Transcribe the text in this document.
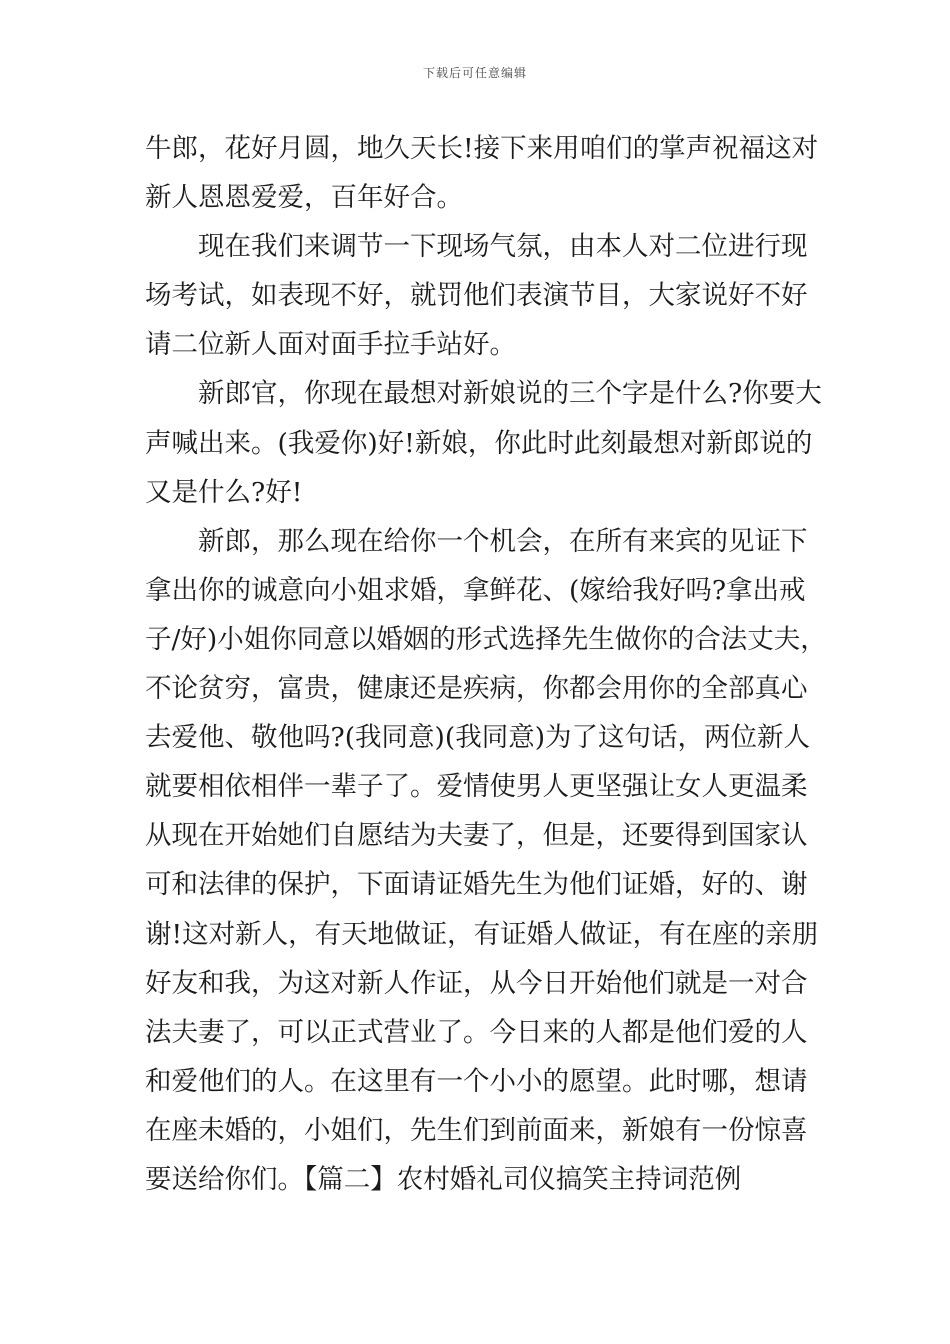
下载后可任意编辑

牛郎，花好月圆，地久天长!接下来用咱们的掌声祝福这对
新人恩恩爱爱，百年好合。

现在我们来调节一下现场气氛，由本人对二位进行现
场考试，如表现不好，就罚他们表演节目，大家说好不好
请二位新人面对面手拉手站好。

新郎官，你现在最想对新娘说的三个字是什么?你要大
声喊出来。(我爱你)好!新娘，你此时此刻最想对新郎说的
又是什么?好!

新郎，那么现在给你一个机会，在所有来宾的见证下
拿出你的诚意向小姐求婚，拿鲜花、(嫁给我好吗?拿出戒
子/好)小姐你同意以婚姻的形式选择先生做你的合法丈夫，
不论贫穷，富贵，健康还是疾病，你都会用你的全部真心
去爱他、敬他吗?(我同意)(我同意)为了这句话，两位新人
就要相依相伴一辈子了。爱情使男人更坚强让女人更温柔
从现在开始她们自愿结为夫妻了，但是，还要得到国家认
可和法律的保护，下面请证婚先生为他们证婚，好的、谢
谢!这对新人，有天地做证，有证婚人做证，有在座的亲朋
好友和我，为这对新人作证，从今日开始他们就是一对合
法夫妻了，可以正式营业了。今日来的人都是他们爱的人
和爱他们的人。在这里有一个小小的愿望。此时哪，想请
在座未婚的，小姐们，先生们到前面来，新娘有一份惊喜
要送给你们。【篇二】农村婚礼司仪搞笑主持词范例
